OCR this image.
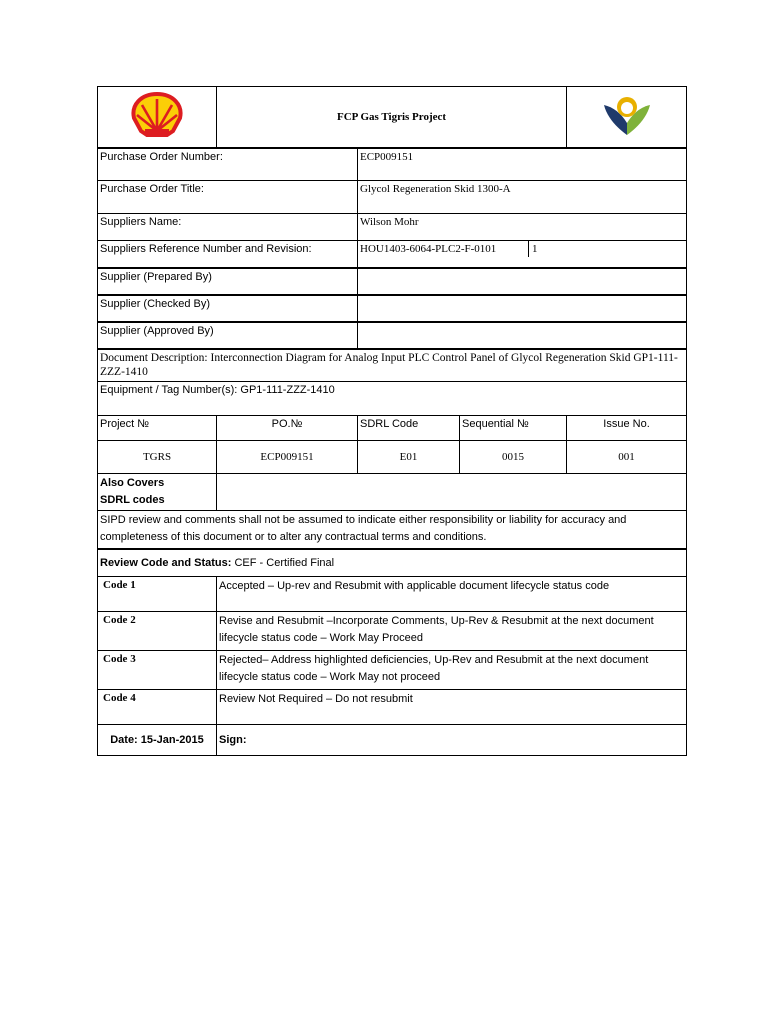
	FCP Gas Tigris Project	
Purchase Order Number:		ECP009151		
Purchase Order Title:		Glycol Regeneration Skid 1300-A		
Suppliers Name:		Wilson Mohr		
Suppliers Reference Number and Revision:		HOU1403-6064-PLC2-F-0101 1		

Supplier (Prepared By)				
Supplier (Checked By)				
Supplier (Approved By)				
Document Description: Interconnection Diagram for Analog Input PLC Control Panel of Glycol Regeneration Skid GP1-111-ZZZ-1410				
Equipment / Tag Number(s): GP1-111-ZZZ-1410				
Project №	PO.№	SDRL Code	Sequential №	Issue No.
TGRS	ECP009151	E01	0015	001

Also Covers
SDRL codes				

SIPD review and comments shall not be assumed to indicate either responsibility or liability for accuracy and completeness of this document or to alter any contractual terms and conditions.				
Review Code and Status: CEF - Certified Final				
Code 1	Accepted – Up-rev and Resubmit with applicable document lifecycle status code			
Code 2	Revise and Resubmit –Incorporate Comments, Up-Rev & Resubmit at the next document lifecycle status code – Work May Proceed			
Code 3	Rejected– Address highlighted deficiencies, Up-Rev and Resubmit at the next document lifecycle status code – Work May not proceed			
Code 4	Review Not Required – Do not resubmit			
Date: 15-Jan-2015	Sign:			
